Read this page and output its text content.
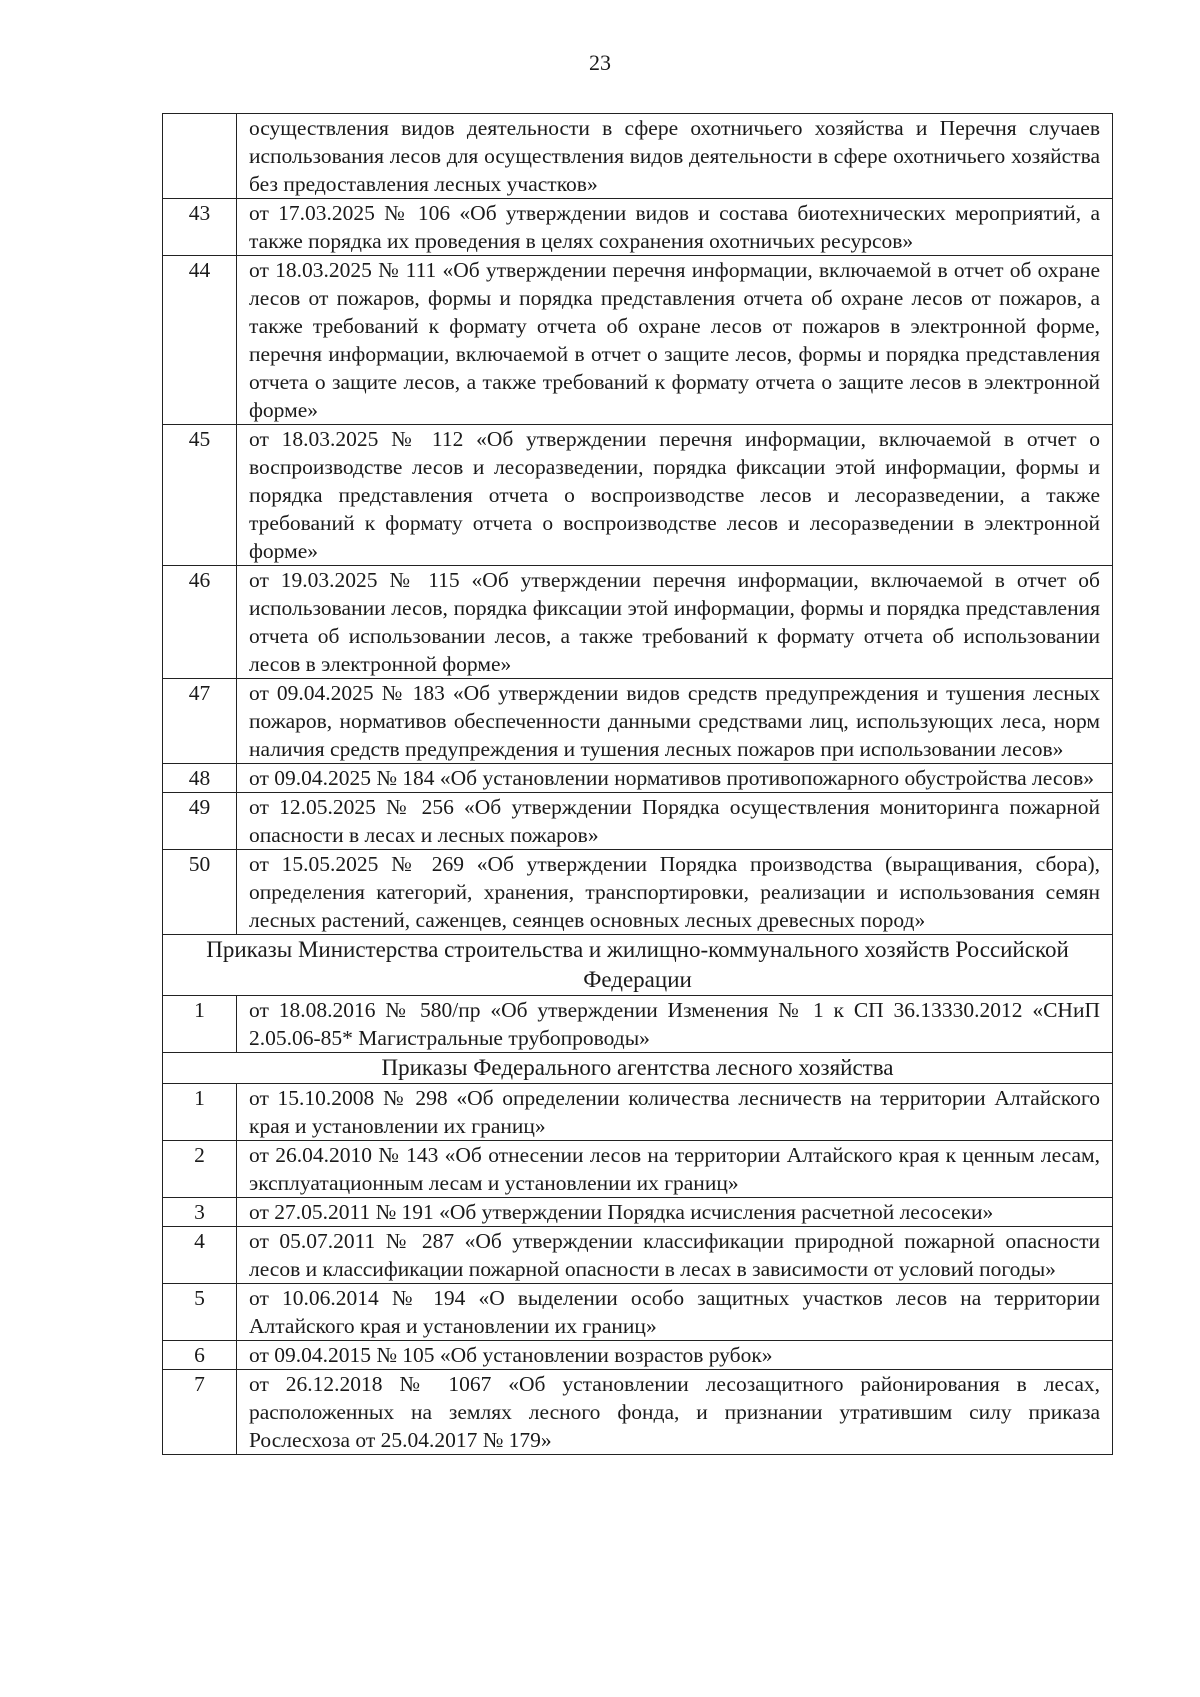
23
	осуществления видов деятельности в сфере охотничьего хозяйства и Перечня случаев использования лесов для осуществления видов деятельности в сфере охотничьего хозяйства без предоставления лесных участков»
43	от 17.03.2025 № 106 «Об утверждении видов и состава биотехнических мероприятий, а также порядка их проведения в целях сохранения охотничьих ресурсов»
44	от 18.03.2025 № 111 «Об утверждении перечня информации, включаемой в отчет об охране лесов от пожаров, формы и порядка представления отчета об охране лесов от пожаров, а также требований к формату отчета об охране лесов от пожаров в электронной форме, перечня информации, включаемой в отчет о защите лесов, формы и порядка представления отчета о защите лесов, а также требований к формату отчета о защите лесов в электронной форме»
45	от 18.03.2025 № 112 «Об утверждении перечня информации, включаемой в отчет о воспроизводстве лесов и лесоразведении, порядка фиксации этой информации, формы и порядка представления отчета о воспроизводстве лесов и лесоразведении, а также требований к формату отчета о воспроизводстве лесов и лесоразведении в электронной форме»
46	от 19.03.2025 № 115 «Об утверждении перечня информации, включаемой в отчет об использовании лесов, порядка фиксации этой информации, формы и порядка представления отчета об использовании лесов, а также требований к формату отчета об использовании лесов в электронной форме»
47	от 09.04.2025 № 183 «Об утверждении видов средств предупреждения и тушения лесных пожаров, нормативов обеспеченности данными средствами лиц, использующих леса, норм наличия средств предупреждения и тушения лесных пожаров при использовании лесов»
48	от 09.04.2025 № 184 «Об установлении нормативов противопожарного обустройства лесов»
49	от 12.05.2025 № 256 «Об утверждении Порядка осуществления мониторинга пожарной опасности в лесах и лесных пожаров»
50	от 15.05.2025 № 269 «Об утверждении Порядка производства (выращивания, сбора), определения категорий, хранения, транспортировки, реализации и использования семян лесных растений, саженцев, сеянцев основных лесных древесных пород»
Приказы Министерства строительства и жилищно-коммунального хозяйств Российской Федерации	
1	от 18.08.2016 № 580/пр «Об утверждении Изменения № 1 к СП 36.13330.2012 «СНиП 2.05.06-85* Магистральные трубопроводы»
Приказы Федерального агентства лесного хозяйства	
1	от 15.10.2008 № 298 «Об определении количества лесничеств на территории Алтайского края и установлении их границ»
2	от 26.04.2010 № 143 «Об отнесении лесов на территории Алтайского края к ценным лесам, эксплуатационным лесам и установлении их границ»
3	от 27.05.2011 № 191 «Об утверждении Порядка исчисления расчетной лесосеки»
4	от 05.07.2011 № 287 «Об утверждении классификации природной пожарной опасности лесов и классификации пожарной опасности в лесах в зависимости от условий погоды»
5	от 10.06.2014 № 194 «О выделении особо защитных участков лесов на территории Алтайского края и установлении их границ»
6	от 09.04.2015 № 105 «Об установлении возрастов рубок»
7	от 26.12.2018 № 1067 «Об установлении лесозащитного районирования в лесах, расположенных на землях лесного фонда, и признании утратившим силу приказа Рослесхоза от 25.04.2017 № 179»
